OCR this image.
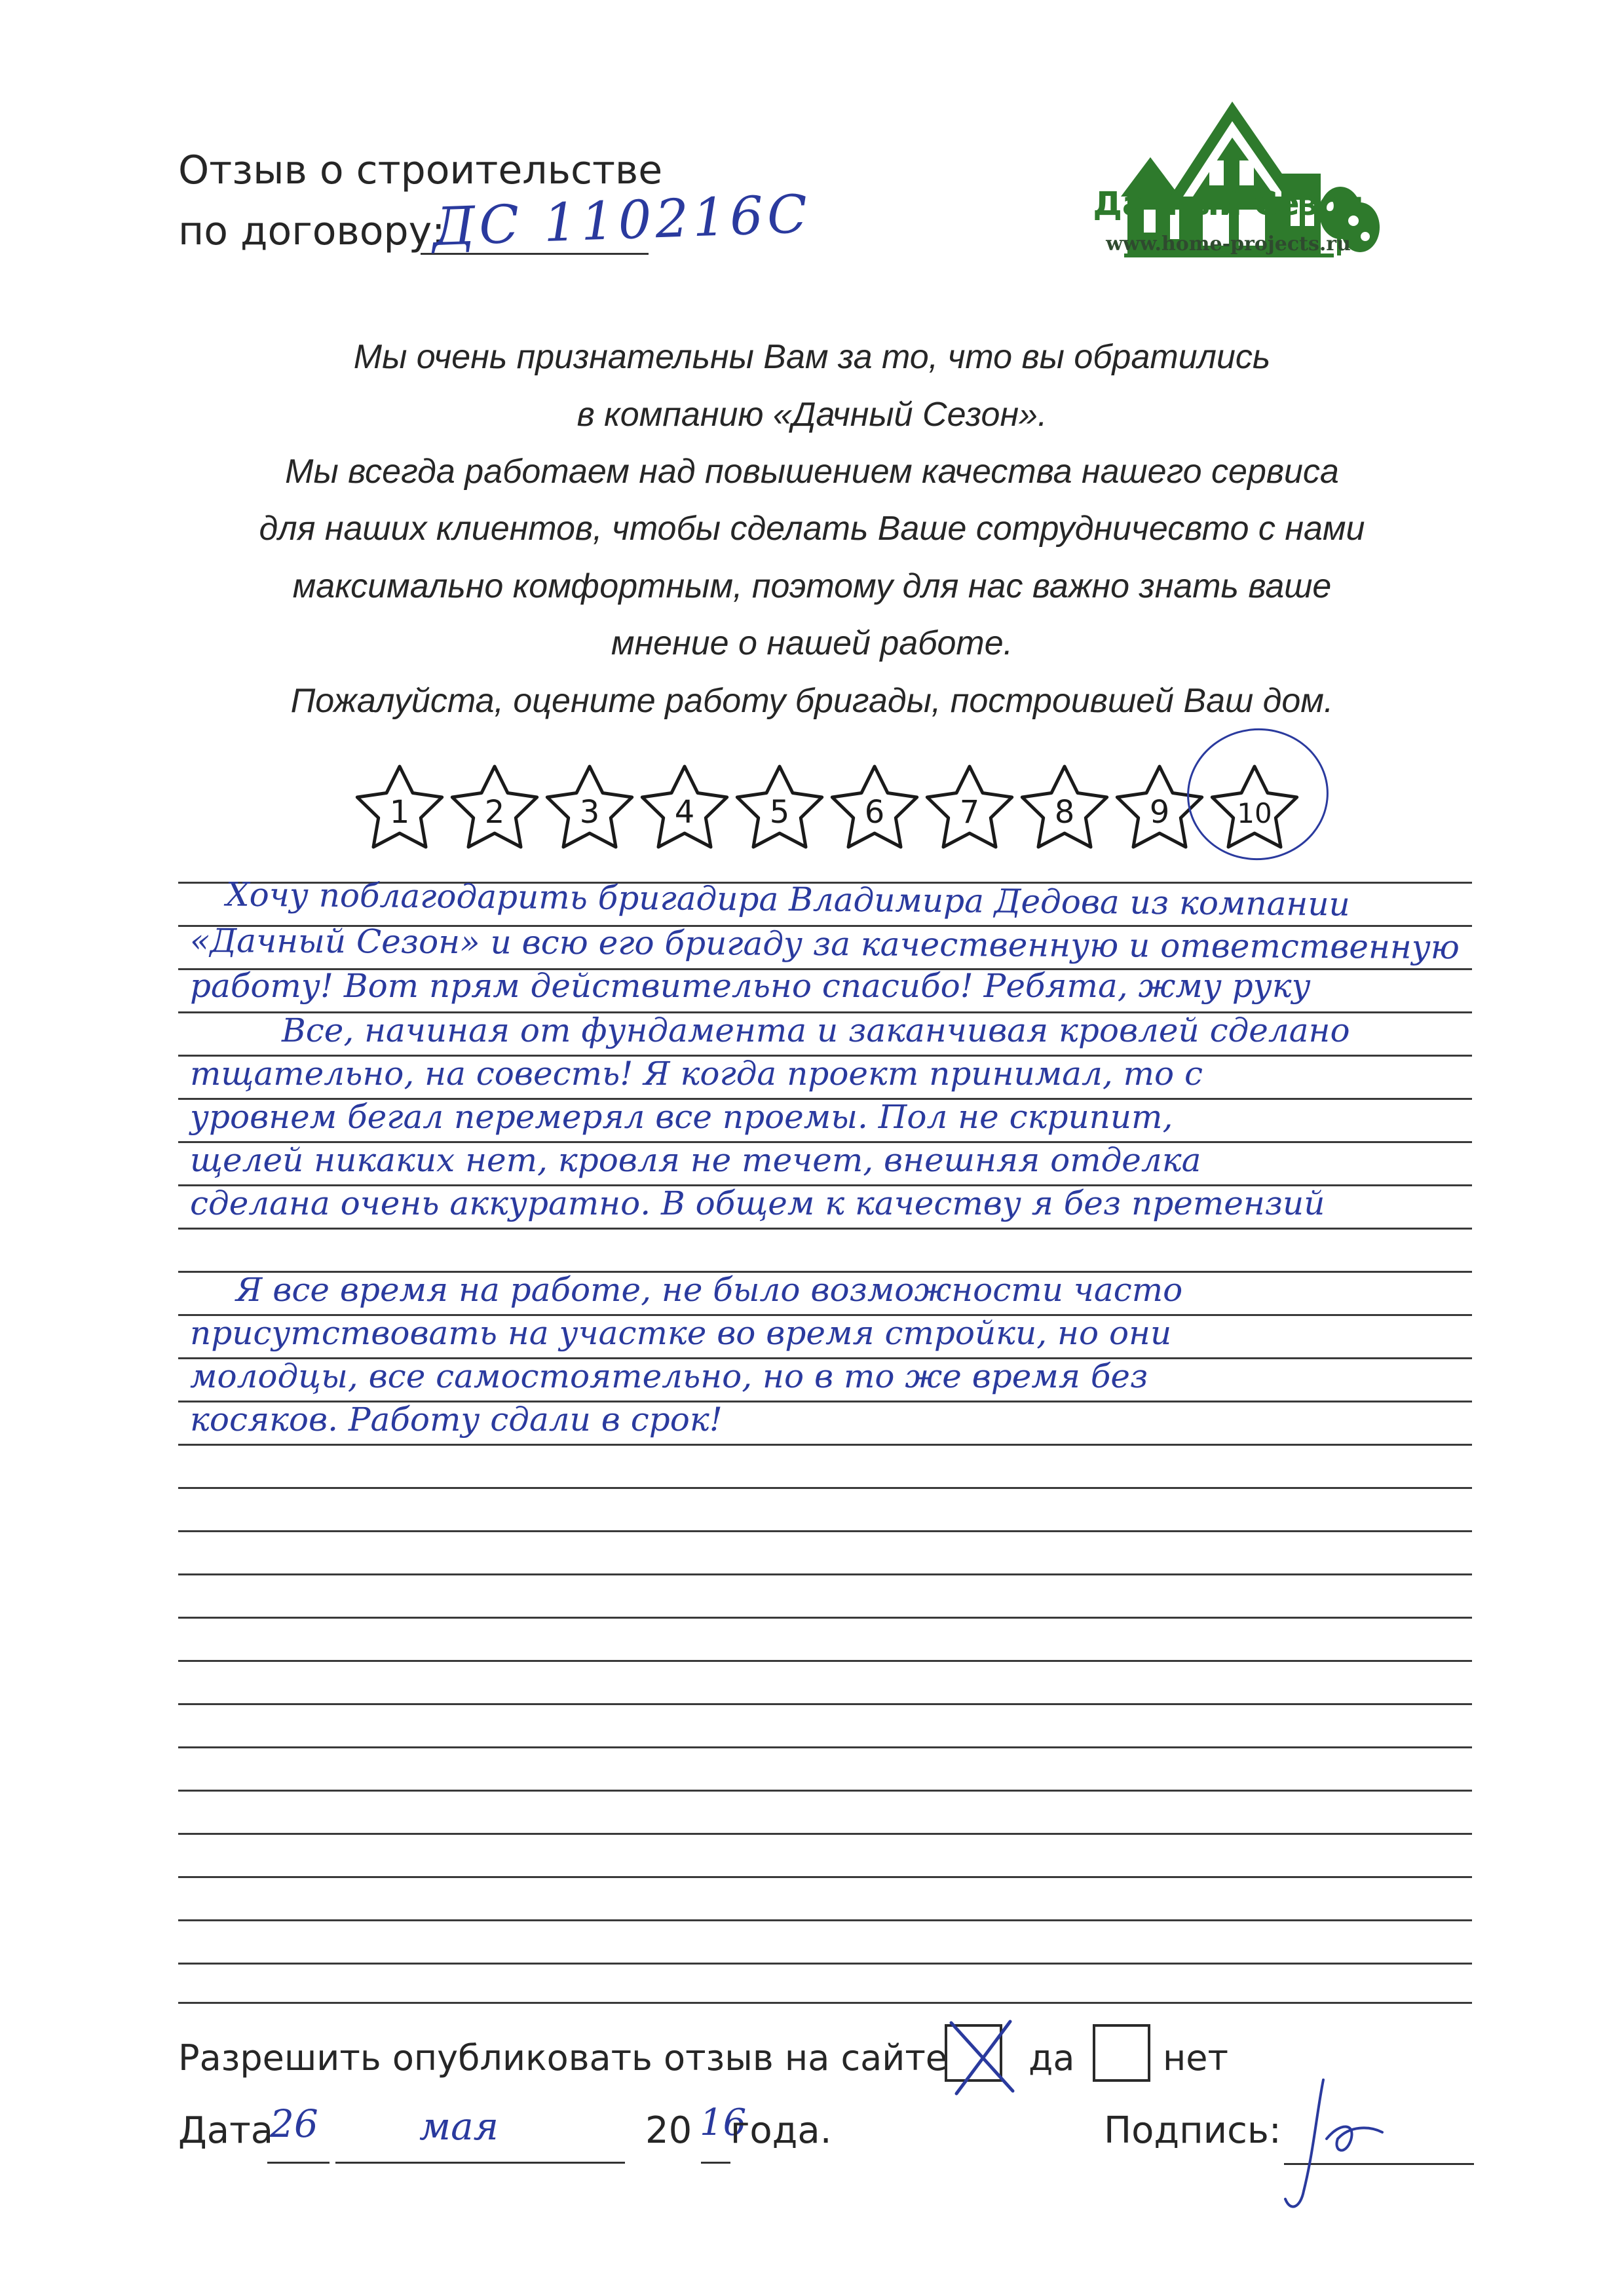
Отзыв о строительстве
по договору:
ДС 110216С	Дачный Сезон
www.home-projects.ru
Мы очень признательны Вам за то, что вы обратились
в компанию «Дачный Сезон».
Мы всегда работаем над повышением качества нашего сервиса
для наших клиентов, чтобы сделать Ваше сотрудничесвто с нами
максимально комфортным, поэтому для нас важно знать ваше
мнение о нашей работе.
Пожалуйста, оцените работу бригады, построившей Ваш дом.
1 2 3 4 5 6 7 8 9 10
Хочу поблагодарить бригадира Владимира Дедова из компании
«Дачный Сезон» и всю его бригаду за качественную и ответственную
работу! Вот прям действительно спасибо! Ребята, жму руку
Все, начиная от фундамента и заканчивая кровлей сделано
тщательно, на совесть! Я когда проект принимал, то с
уровнем бегал перемерял все проемы. Пол не скрипит,
щелей никаких нет, кровля не течет, внешняя отделка
сделана очень аккуратно. В общем к качеству я без претензий
Я все время на работе, не было возможности часто
присутствовать на участке во время стройки, но они
молодцы, все самостоятельно, но в то же время без
косяков. Работу сдали в срок!
Разрешить опубликовать отзыв на сайте да нет
Дата
26	мая	20 16
года.	Подпись:
